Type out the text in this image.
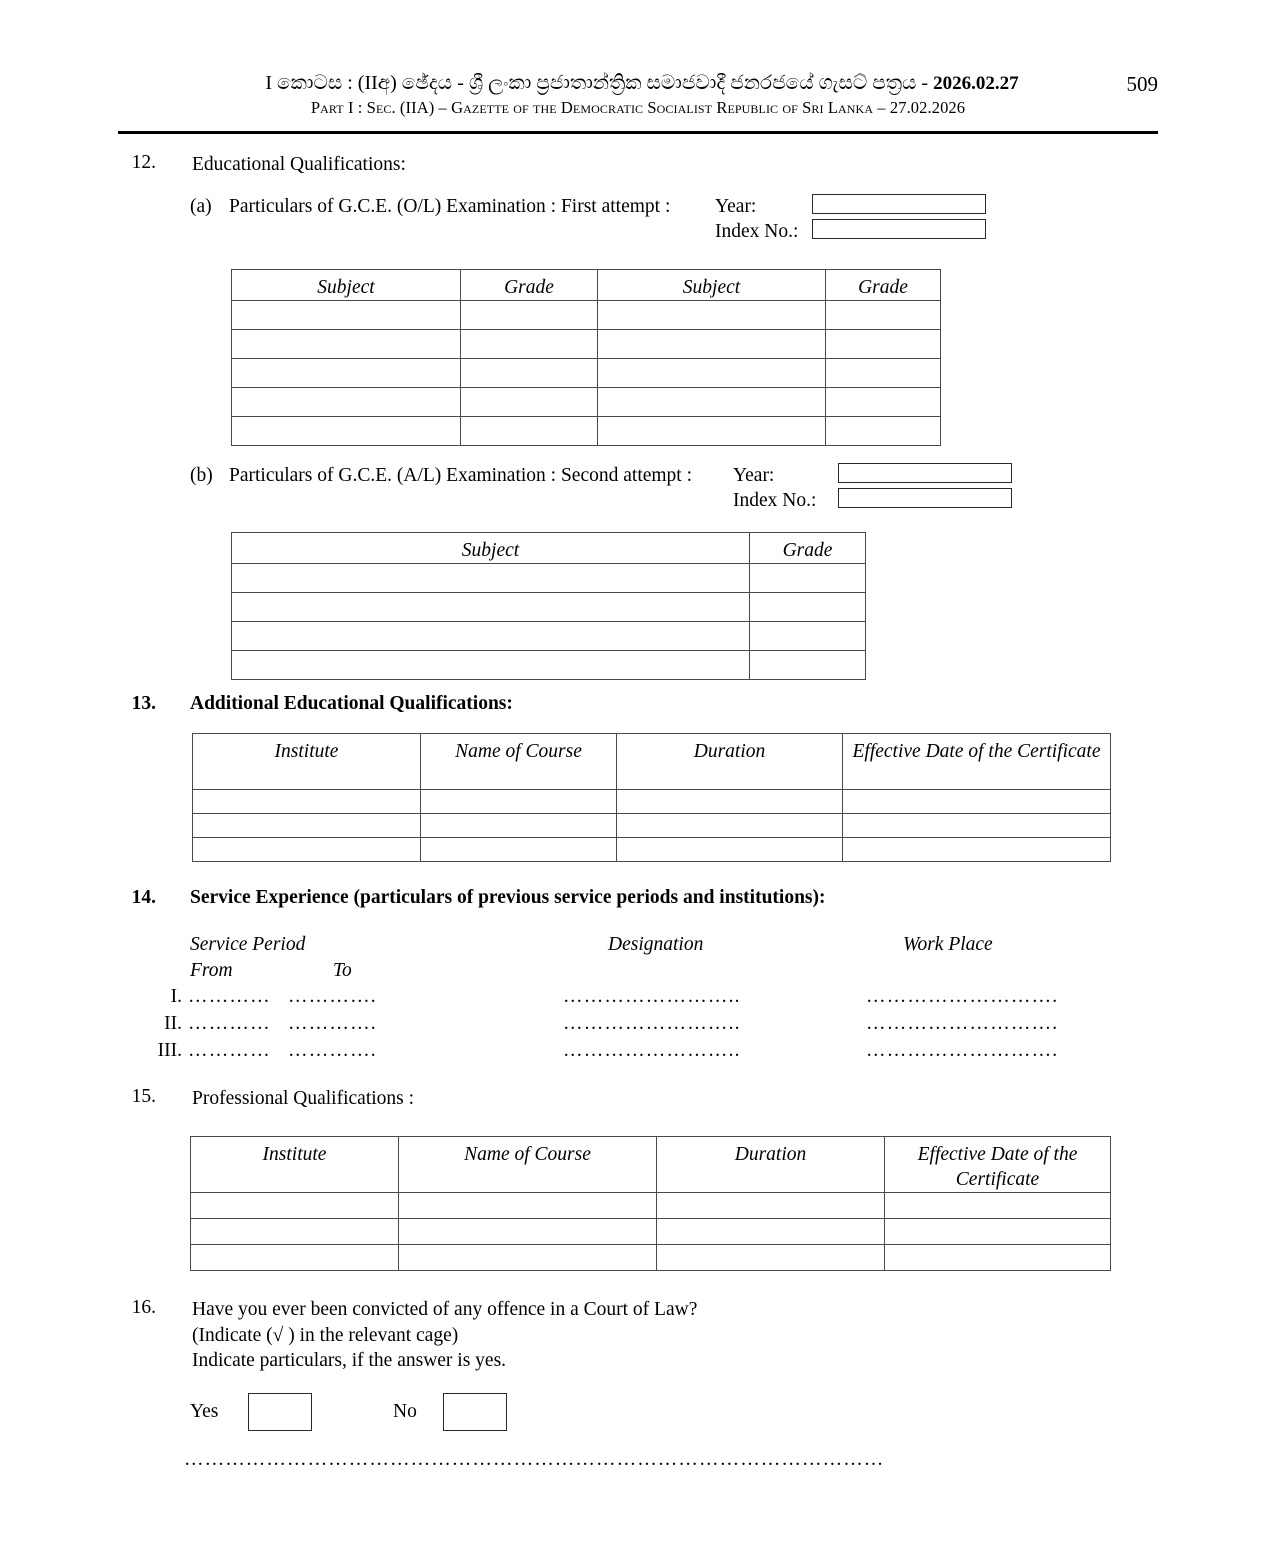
I කොටස : (IIඅ) ඡේදය - ශ්‍රී ලංකා ප්‍රජාතාන්ත්‍රික සමාජවාදී ජනරජයේ ගැසට් පත්‍රය - 2026.02.27	509
Part I : Sec. (IIA) – Gazette of the Democratic Socialist Republic of Sri Lanka – 27.02.2026
12. Educational Qualifications:
(a) Particulars of G.C.E. (O/L) Examination : First attempt : Year:
Index No.:
Subject	Grade	Subject	Grade

(b) Particulars of G.C.E. (A/L) Examination : Second attempt : Year:
Index No.:
Subject	Grade

13. Additional Educational Qualifications:
Institute	Name of Course	Duration	Effective Date of the Certificate

14. Service Experience (particulars of previous service periods and institutions):
Service Period	Designation	Work Place
From	To
I. ………… ………….	……………………..	……………………….
II. ………… ………….	……………………..	……………………….
III. ………… ………….	……………………..	……………………….
15. Professional Qualifications :
Institute	Name of Course	Duration	Effective Date of the Certificate

16. Have you ever been convicted of any offence in a Court of Law?
(Indicate (√ ) in the relevant cage)
Indicate particulars, if the answer is yes.
Yes	No
…………………………………………………………………………………………
